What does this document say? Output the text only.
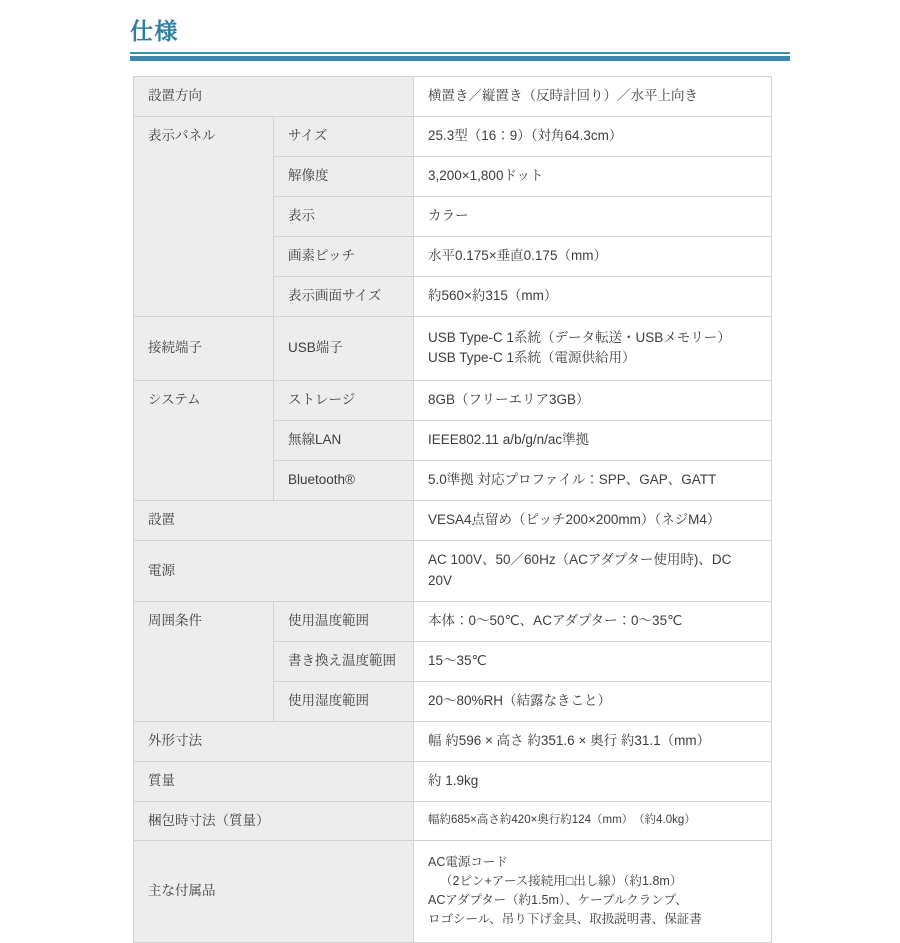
仕様
設置方向		横置き／縦置き（反時計回り）／水平上向き

表示パネル	サイズ	25.3型（16：9）（対角64.3cm）

	解像度	3,200×1,800ドット

	表示	カラー

	画素ピッチ	水平0.175×垂直0.175（mm）

	表示画面サイズ	約560×約315（mm）

接続端子	USB端子	USB Type-C 1系統（データ転送・USBメモリー）
USB Type-C 1系統（電源供給用）

システム	ストレージ	8GB（フリーエリア3GB）

	無線LAN	IEEE802.11 a/b/g/n/ac準拠

	Bluetooth®	5.0準拠 対応プロファイル：SPP、GAP、GATT

設置		VESA4点留め（ピッチ200×200mm）（ネジM4）

電源		AC 100V、50／60Hz（ACアダプター使用時)、DC 20V

周囲条件	使用温度範囲	本体：0〜50℃、ACアダプター：0〜35℃

	書き換え温度範囲	15〜35℃

	使用湿度範囲	20〜80%RH（結露なきこと）

外形寸法		幅 約596 × 高さ 約351.6 × 奥行 約31.1（mm）

質量		約 1.9kg

梱包時寸法（質量）		幅約685×高さ約420×奥行約124（mm）　（約4.0kg）

主な付属品		AC電源コード
（2ピン+アース接続用□出し線）（約1.8m）
ACアダプター（約1.5m）、ケーブルクランプ、
ロゴシール、吊り下げ金具、取扱説明書、保証書
